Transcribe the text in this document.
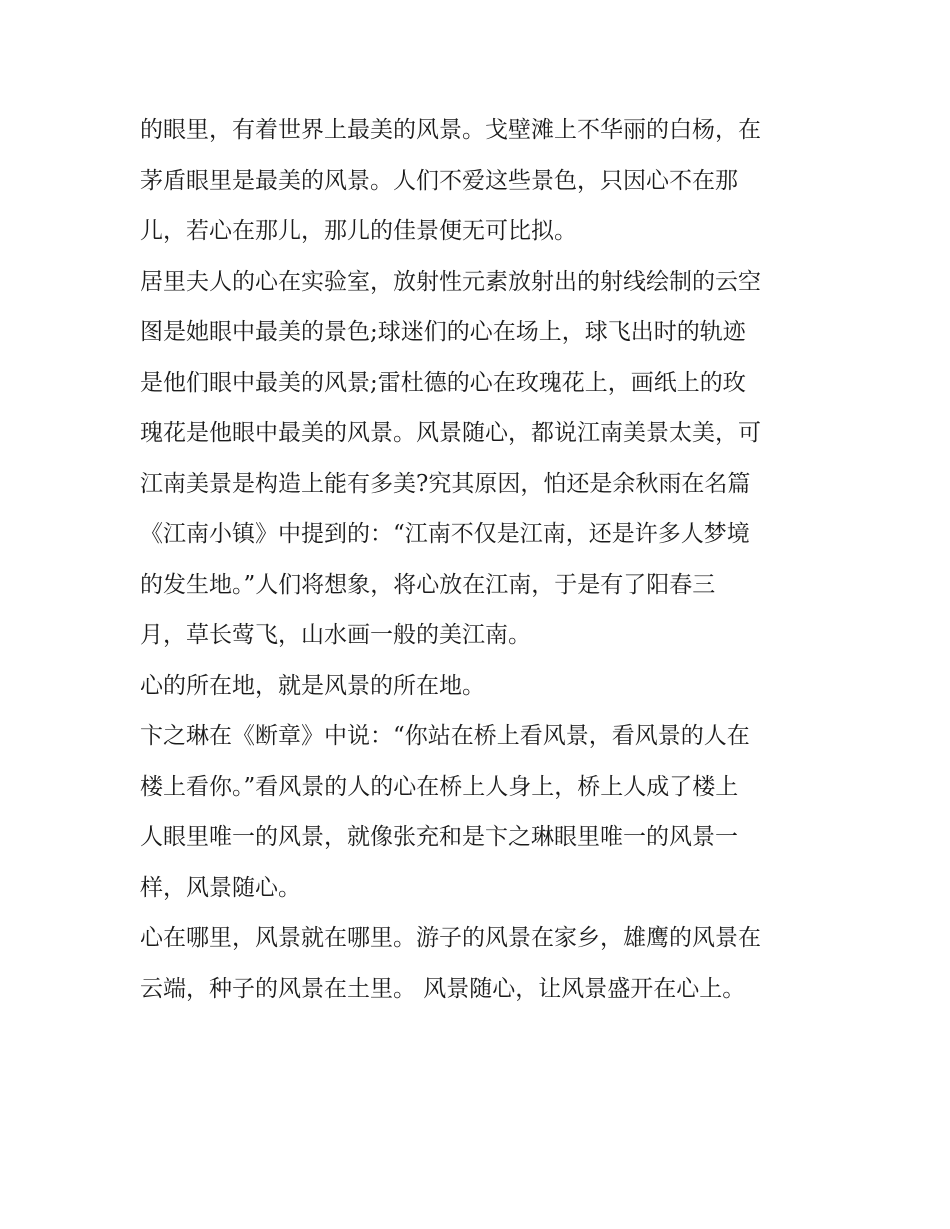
的眼里，有着世界上最美的风景。戈壁滩上不华丽的白杨，在
茅盾眼里是最美的风景。人们不爱这些景色，只因心不在那
儿，若心在那儿，那儿的佳景便无可比拟。
居里夫人的心在实验室，放射性元素放射出的射线绘制的云空
图是她眼中最美的景色;球迷们的心在场上，球飞出时的轨迹
是他们眼中最美的风景;雷杜德的心在玫瑰花上，画纸上的玫
瑰花是他眼中最美的风景。风景随心，都说江南美景太美，可
江南美景是构造上能有多美?究其原因，怕还是余秋雨在名篇
《江南小镇》中提到的：“江南不仅是江南，还是许多人梦境
的发生地。”人们将想象，将心放在江南，于是有了阳春三
月，草长莺飞，山水画一般的美江南。
心的所在地，就是风景的所在地。
卞之琳在《断章》中说：“你站在桥上看风景，看风景的人在
楼上看你。”看风景的人的心在桥上人身上，桥上人成了楼上
人眼里唯一的风景，就像张充和是卞之琳眼里唯一的风景一
样，风景随心。
心在哪里，风景就在哪里。游子的风景在家乡，雄鹰的风景在
云端，种子的风景在土里。 风景随心，让风景盛开在心上。
